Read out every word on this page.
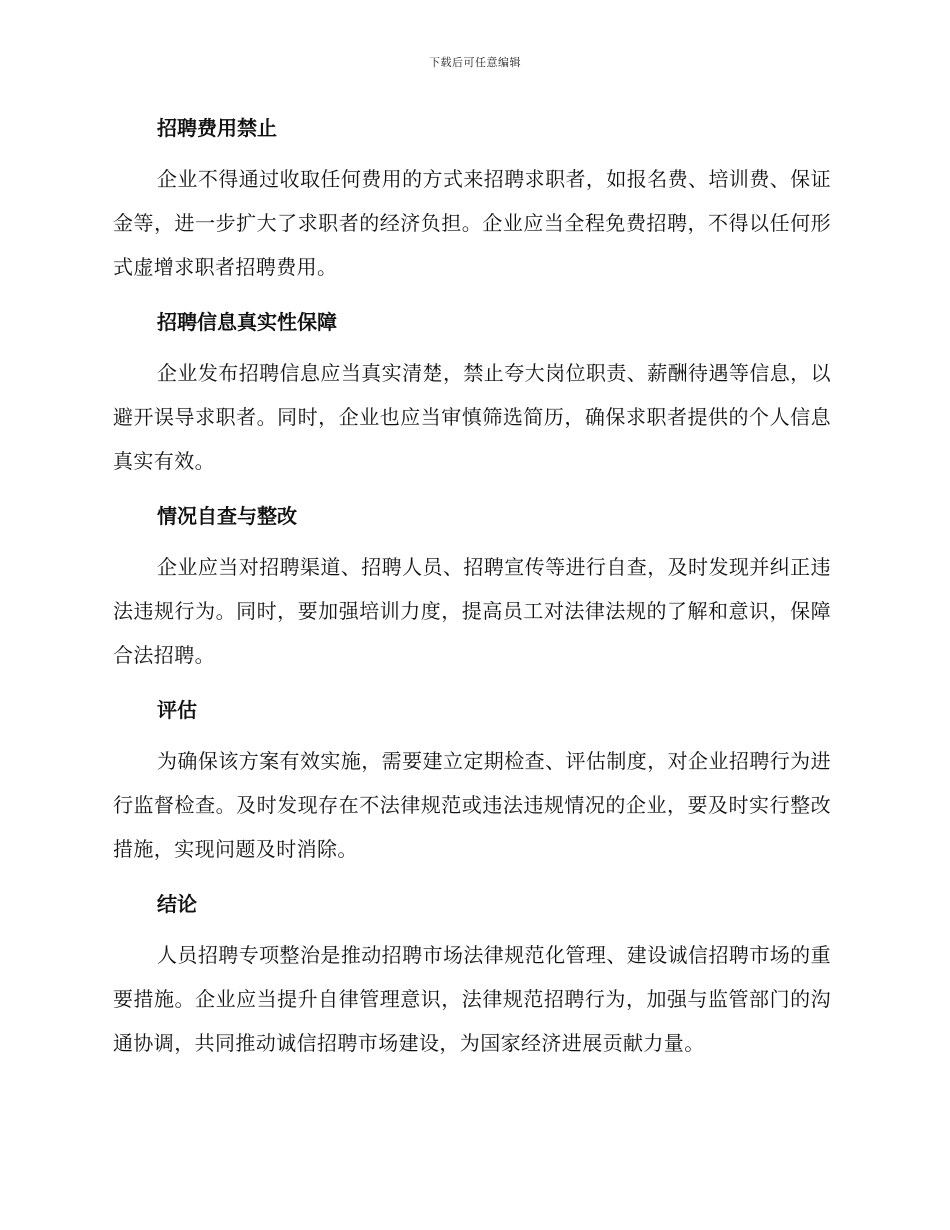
下载后可任意编辑
招聘费用禁止

企业不得通过收取任何费用的方式来招聘求职者，如报名费、培训费、保证金等，进一步扩大了求职者的经济负担。企业应当全程免费招聘，不得以任何形式虚增求职者招聘费用。

招聘信息真实性保障

企业发布招聘信息应当真实清楚，禁止夸大岗位职责、薪酬待遇等信息，以避开误导求职者。同时，企业也应当审慎筛选简历，确保求职者提供的个人信息真实有效。

情况自查与整改

企业应当对招聘渠道、招聘人员、招聘宣传等进行自查，及时发现并纠正违法违规行为。同时，要加强培训力度，提高员工对法律法规的了解和意识，保障合法招聘。

评估

为确保该方案有效实施，需要建立定期检查、评估制度，对企业招聘行为进行监督检查。及时发现存在不法律规范或违法违规情况的企业，要及时实行整改措施，实现问题及时消除。

结论

人员招聘专项整治是推动招聘市场法律规范化管理、建设诚信招聘市场的重要措施。企业应当提升自律管理意识，法律规范招聘行为，加强与监管部门的沟通协调，共同推动诚信招聘市场建设，为国家经济进展贡献力量。
